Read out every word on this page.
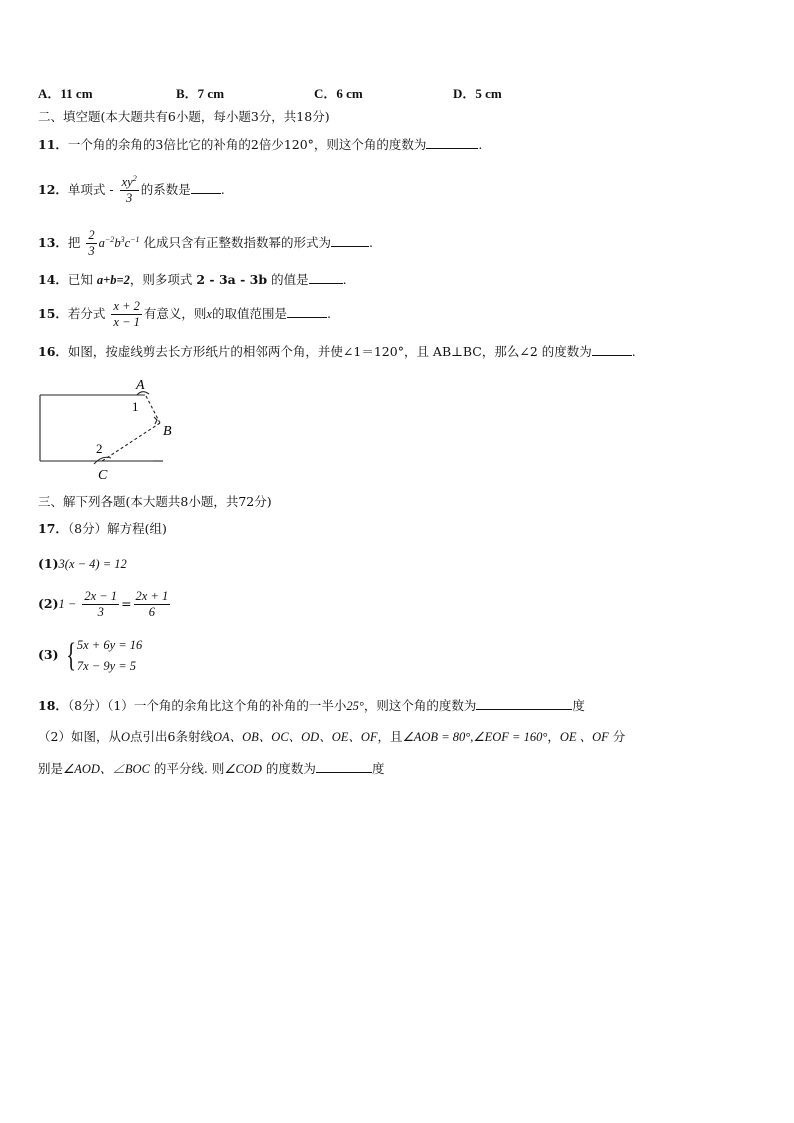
A．11 cm	B．7 cm	C．6 cm	D．5 cm
二、填空题(本大题共有6小题，每小题3分，共18分)
11．一个角的余角的3倍比它的补角的2倍少120°，则这个角的度数为	.
12．单项式 - $\frac{xy^2}{3}$ 的系数是 .
13．把 $\frac{2}{3} a^{-2}b^3c^{-1}$ 化成只含有正整数指数幂的形式为	.
14．已知 a+b=2，则多项式 2 - 3a - 3b 的值是	.
15．若分式 $\frac{x + 2}{x - 1}$ 有意义，则x的取值范围是	.
16．如图，按虚线剪去长方形纸片的相邻两个角，并使∠1＝120°，且 AB⊥BC，那么∠2 的度数为	.
A
1
B
2
C
三、解下列各题(本大题共8小题，共72分)
17．（8分）解方程(组)
(1)3(x − 4) = 12
$(2)1 - \frac{2x - 1}{3} = \frac{2x + 1}{6}$
(3) { 5x + 6y = 16
7x − 9y = 5
18．（8分）（1）一个角的余角比这个角的补角的一半小25°，则这个角的度数为	度
（2）如图，从O点引出6条射线OA、OB、OC、OD、OE、OF，且∠AOB = 80°,∠EOF = 160°，OE 、OF 分
别是∠AOD、∠BOC 的平分线. 则∠COD 的度数为	度
